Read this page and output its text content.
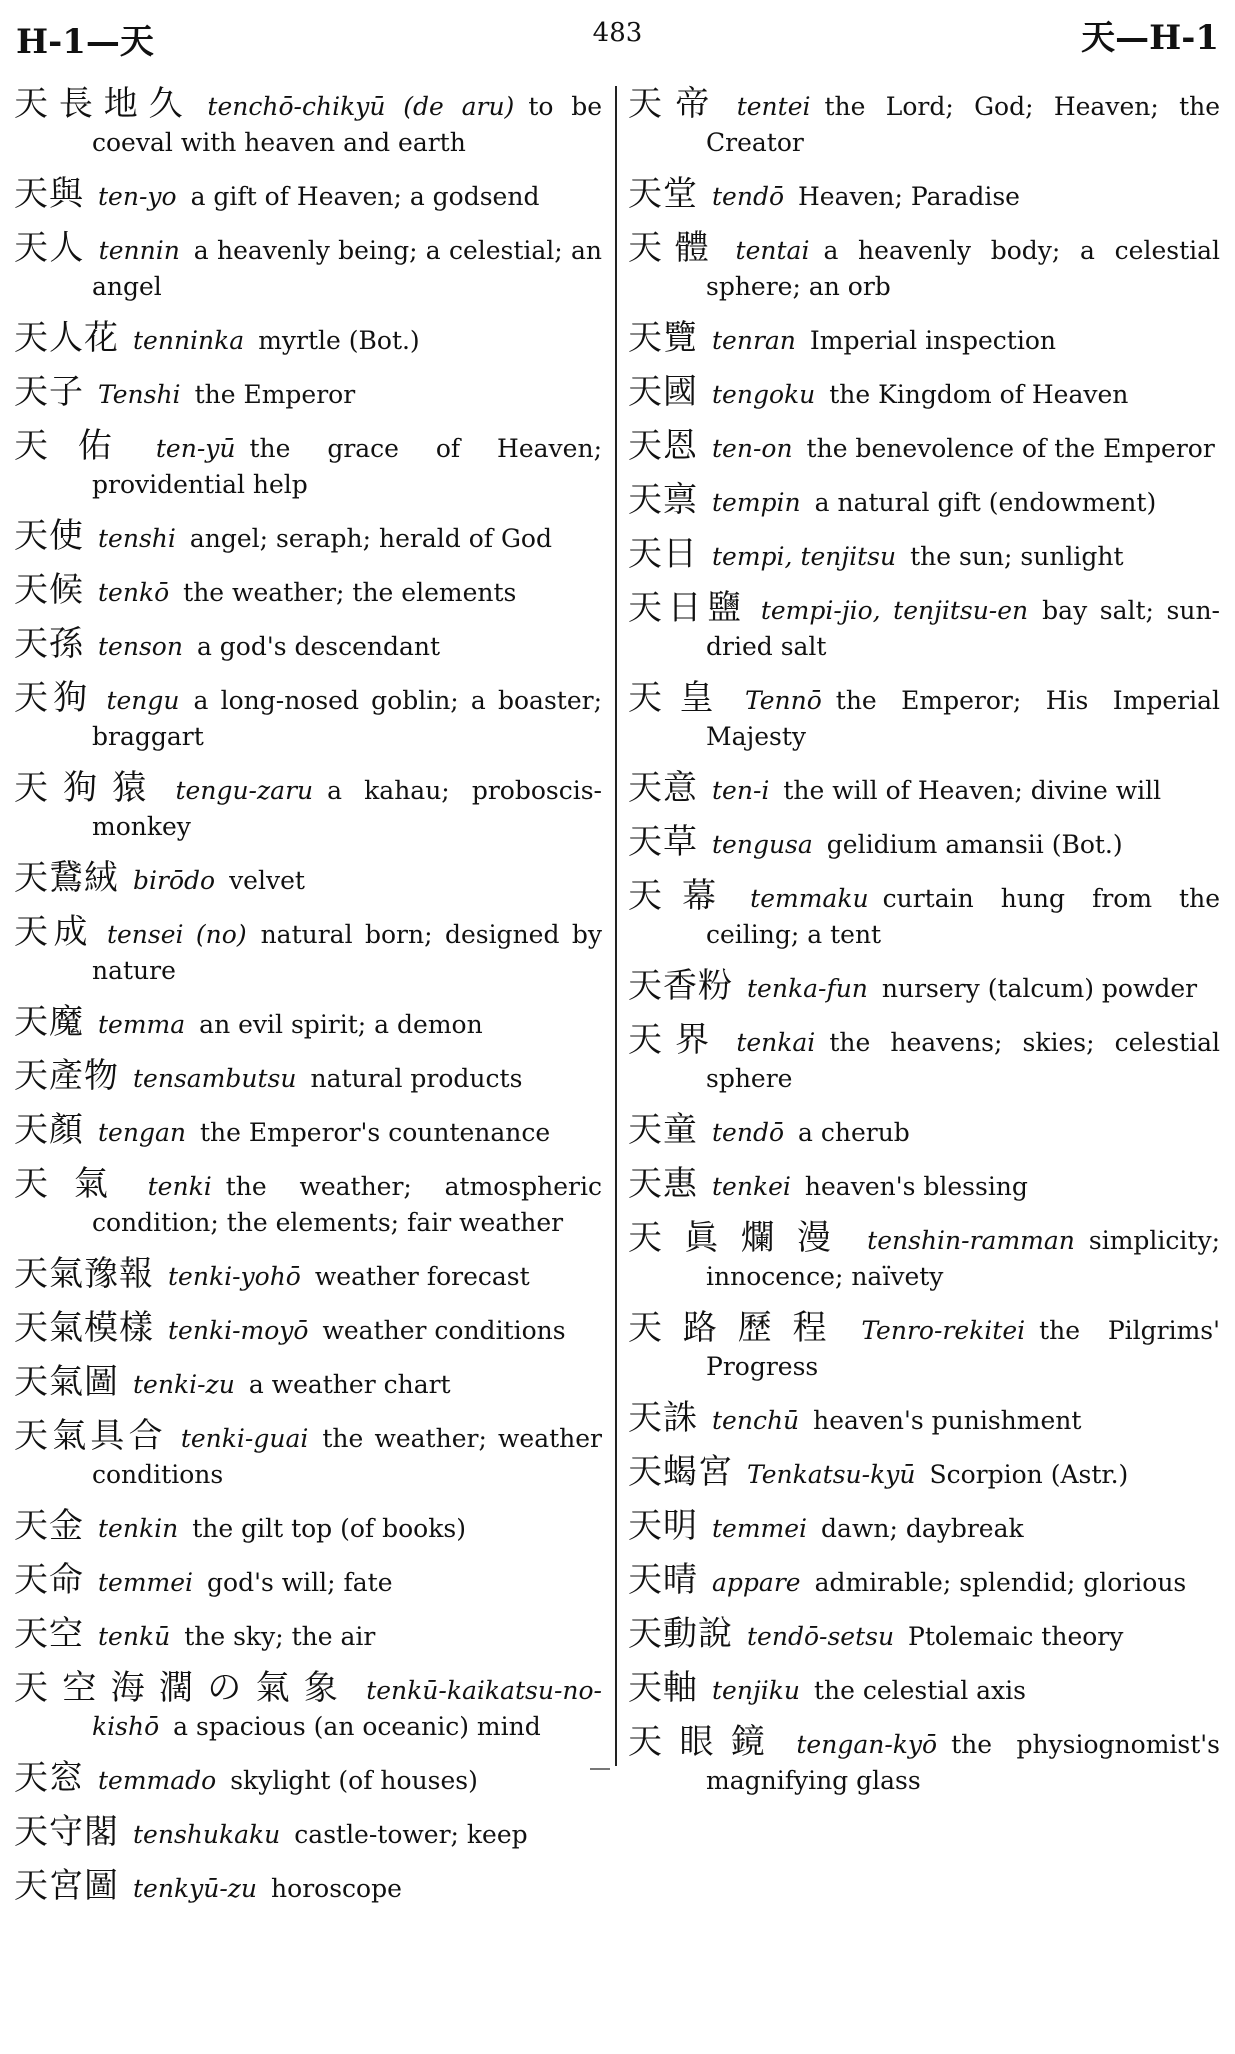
H-1—天	483	天—H-1
天長地久 tenchō-chikyū (de aru) to be coeval with heaven and earth
天與 ten-yo a gift of Heaven; a godsend
天人 tennin a heavenly being; a celestial; an angel
天人花 tenninka myrtle (Bot.)
天子 Tenshi the Emperor
天佑 ten-yū the grace of Heaven; providential help
天使 tenshi angel; seraph; herald of God
天候 tenkō the weather; the elements
天孫 tenson a god's descendant
天狗 tengu a long-nosed goblin; a boaster; braggart
天狗猿 tengu-zaru a kahau; proboscis-monkey
天鵞絨 birōdo velvet
天成 tensei (no) natural born; designed by nature
天魔 temma an evil spirit; a demon
天產物 tensambutsu natural products
天顏 tengan the Emperor's countenance
天氣 tenki the weather; atmospheric condition; the elements; fair weather
天氣豫報 tenki-yohō weather forecast
天氣模樣 tenki-moyō weather conditions
天氣圖 tenki-zu a weather chart
天氣具合 tenki-guai the weather; weather conditions
天金 tenkin the gilt top (of books)
天命 temmei god's will; fate
天空 tenkū the sky; the air
天空海濶の氣象 tenkū-kaikatsu-no-kishō a spacious (an oceanic) mind
天窓 temmado skylight (of houses)
天守閣 tenshukaku castle-tower; keep
天宮圖 tenkyū-zu horoscope
天帝 tentei the Lord; God; Heaven; the Creator
天堂 tendō Heaven; Paradise
天體 tentai a heavenly body; a celestial sphere; an orb
天覽 tenran Imperial inspection
天國 tengoku the Kingdom of Heaven
天恩 ten-on the benevolence of the Emperor
天禀 tempin a natural gift (endowment)
天日 tempi, tenjitsu the sun; sunlight
天日鹽 tempi-jio, tenjitsu-en bay salt; sun-dried salt
天皇 Tennō the Emperor; His Imperial Majesty
天意 ten-i the will of Heaven; divine will
天草 tengusa gelidium amansii (Bot.)
天幕 temmaku curtain hung from the ceiling; a tent
天香粉 tenka-fun nursery (talcum) powder
天界 tenkai the heavens; skies; celestial sphere
天童 tendō a cherub
天惠 tenkei heaven's blessing
天眞爛漫 tenshin-ramman simplicity; innocence; naïvety
天路歷程 Tenro-rekitei the Pilgrims' Progress
天誅 tenchū heaven's punishment
天蝎宮 Tenkatsu-kyū Scorpion (Astr.)
天明 temmei dawn; daybreak
天晴 appare admirable; splendid; glorious
天動說 tendō-setsu Ptolemaic theory
天軸 tenjiku the celestial axis
天眼鏡 tengan-kyō the physiognomist's magnifying glass
